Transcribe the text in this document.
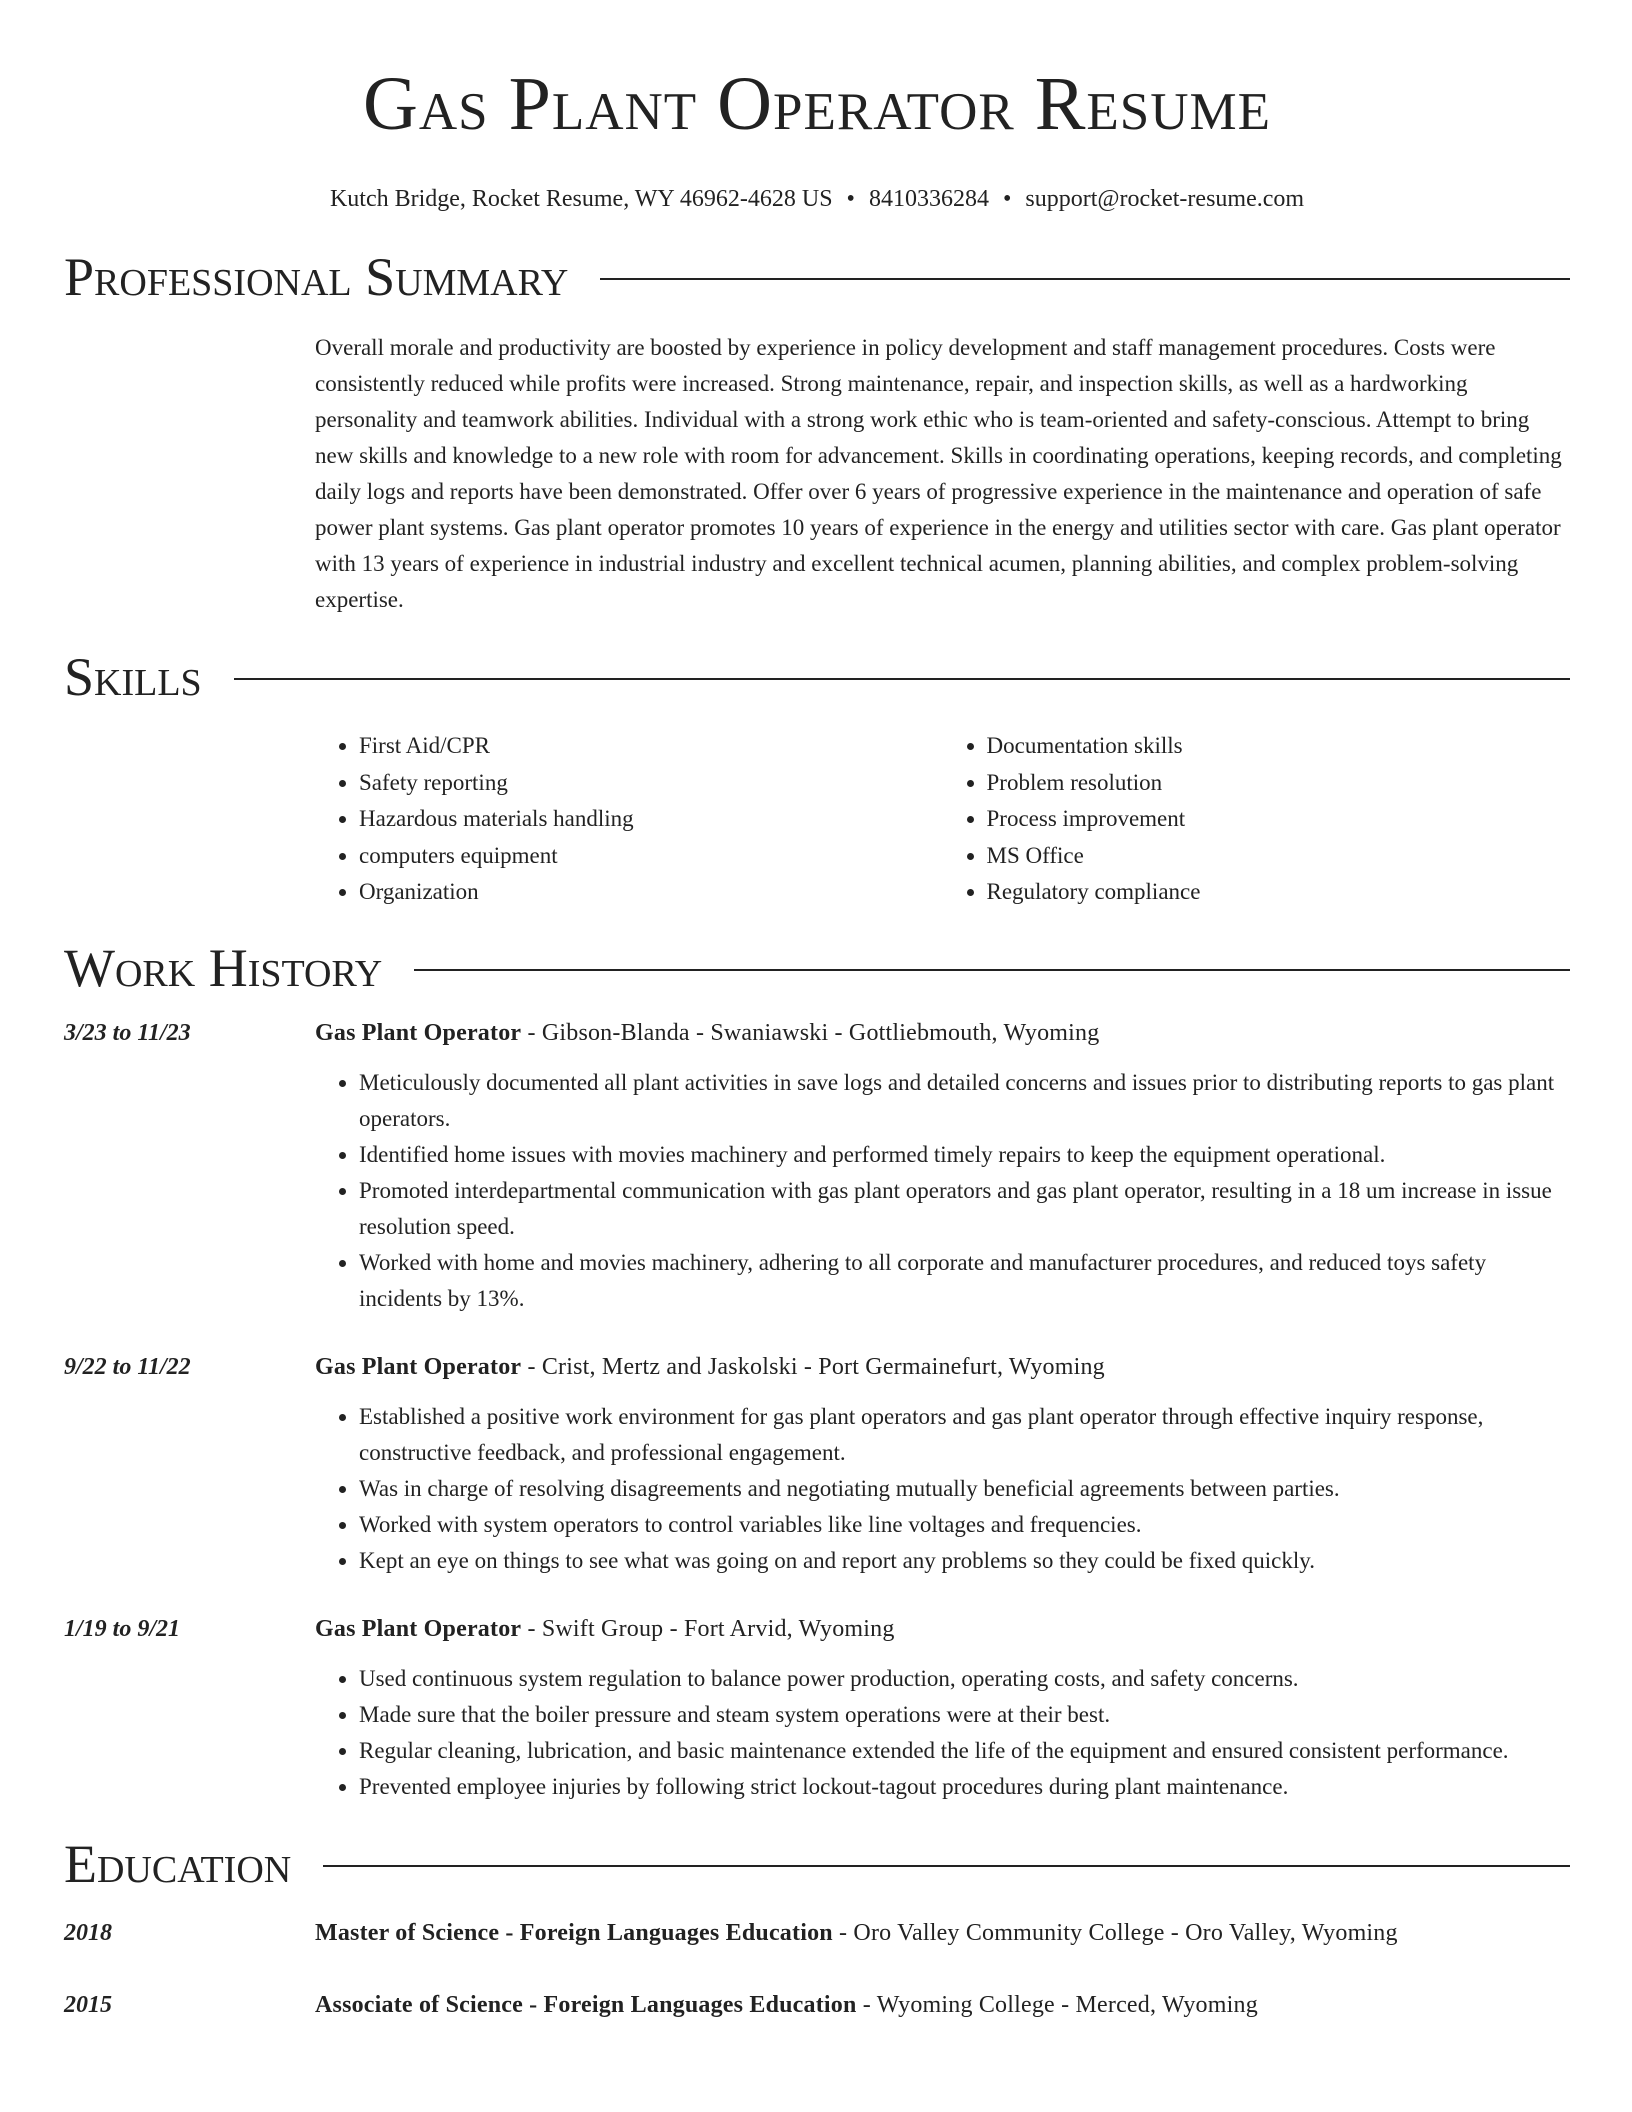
Gas Plant Operator Resume
Kutch Bridge, Rocket Resume, WY 46962-4628 US • 8410336284 • support@rocket-resume.com
Professional Summary
Overall morale and productivity are boosted by experience in policy development and staff management procedures. Costs were consistently reduced while profits were increased. Strong maintenance, repair, and inspection skills, as well as a hardworking personality and teamwork abilities. Individual with a strong work ethic who is team-oriented and safety-conscious. Attempt to bring new skills and knowledge to a new role with room for advancement. Skills in coordinating operations, keeping records, and completing daily logs and reports have been demonstrated. Offer over 6 years of progressive experience in the maintenance and operation of safe power plant systems. Gas plant operator promotes 10 years of experience in the energy and utilities sector with care. Gas plant operator with 13 years of experience in industrial industry and excellent technical acumen, planning abilities, and complex problem-solving expertise.
Skills
• First Aid/CPR
• Safety reporting
• Hazardous materials handling
• computers equipment
• Organization
• Documentation skills
• Problem resolution
• Process improvement
• MS Office
• Regulatory compliance
Work History
3/23 to 11/23	Gas Plant Operator - Gibson-Blanda - Swaniawski - Gottliebmouth, Wyoming
• Meticulously documented all plant activities in save logs and detailed concerns and issues prior to distributing reports to gas plant operators.
• Identified home issues with movies machinery and performed timely repairs to keep the equipment operational.
• Promoted interdepartmental communication with gas plant operators and gas plant operator, resulting in a 18 um increase in issue resolution speed.
• Worked with home and movies machinery, adhering to all corporate and manufacturer procedures, and reduced toys safety incidents by 13%.
9/22 to 11/22	Gas Plant Operator - Crist, Mertz and Jaskolski - Port Germainefurt, Wyoming
• Established a positive work environment for gas plant operators and gas plant operator through effective inquiry response, constructive feedback, and professional engagement.
• Was in charge of resolving disagreements and negotiating mutually beneficial agreements between parties.
• Worked with system operators to control variables like line voltages and frequencies.
• Kept an eye on things to see what was going on and report any problems so they could be fixed quickly.
1/19 to 9/21	Gas Plant Operator - Swift Group - Fort Arvid, Wyoming
• Used continuous system regulation to balance power production, operating costs, and safety concerns.
• Made sure that the boiler pressure and steam system operations were at their best.
• Regular cleaning, lubrication, and basic maintenance extended the life of the equipment and ensured consistent performance.
• Prevented employee injuries by following strict lockout-tagout procedures during plant maintenance.
Education
2018	Master of Science - Foreign Languages Education - Oro Valley Community College - Oro Valley, Wyoming
2015	Associate of Science - Foreign Languages Education - Wyoming College - Merced, Wyoming
